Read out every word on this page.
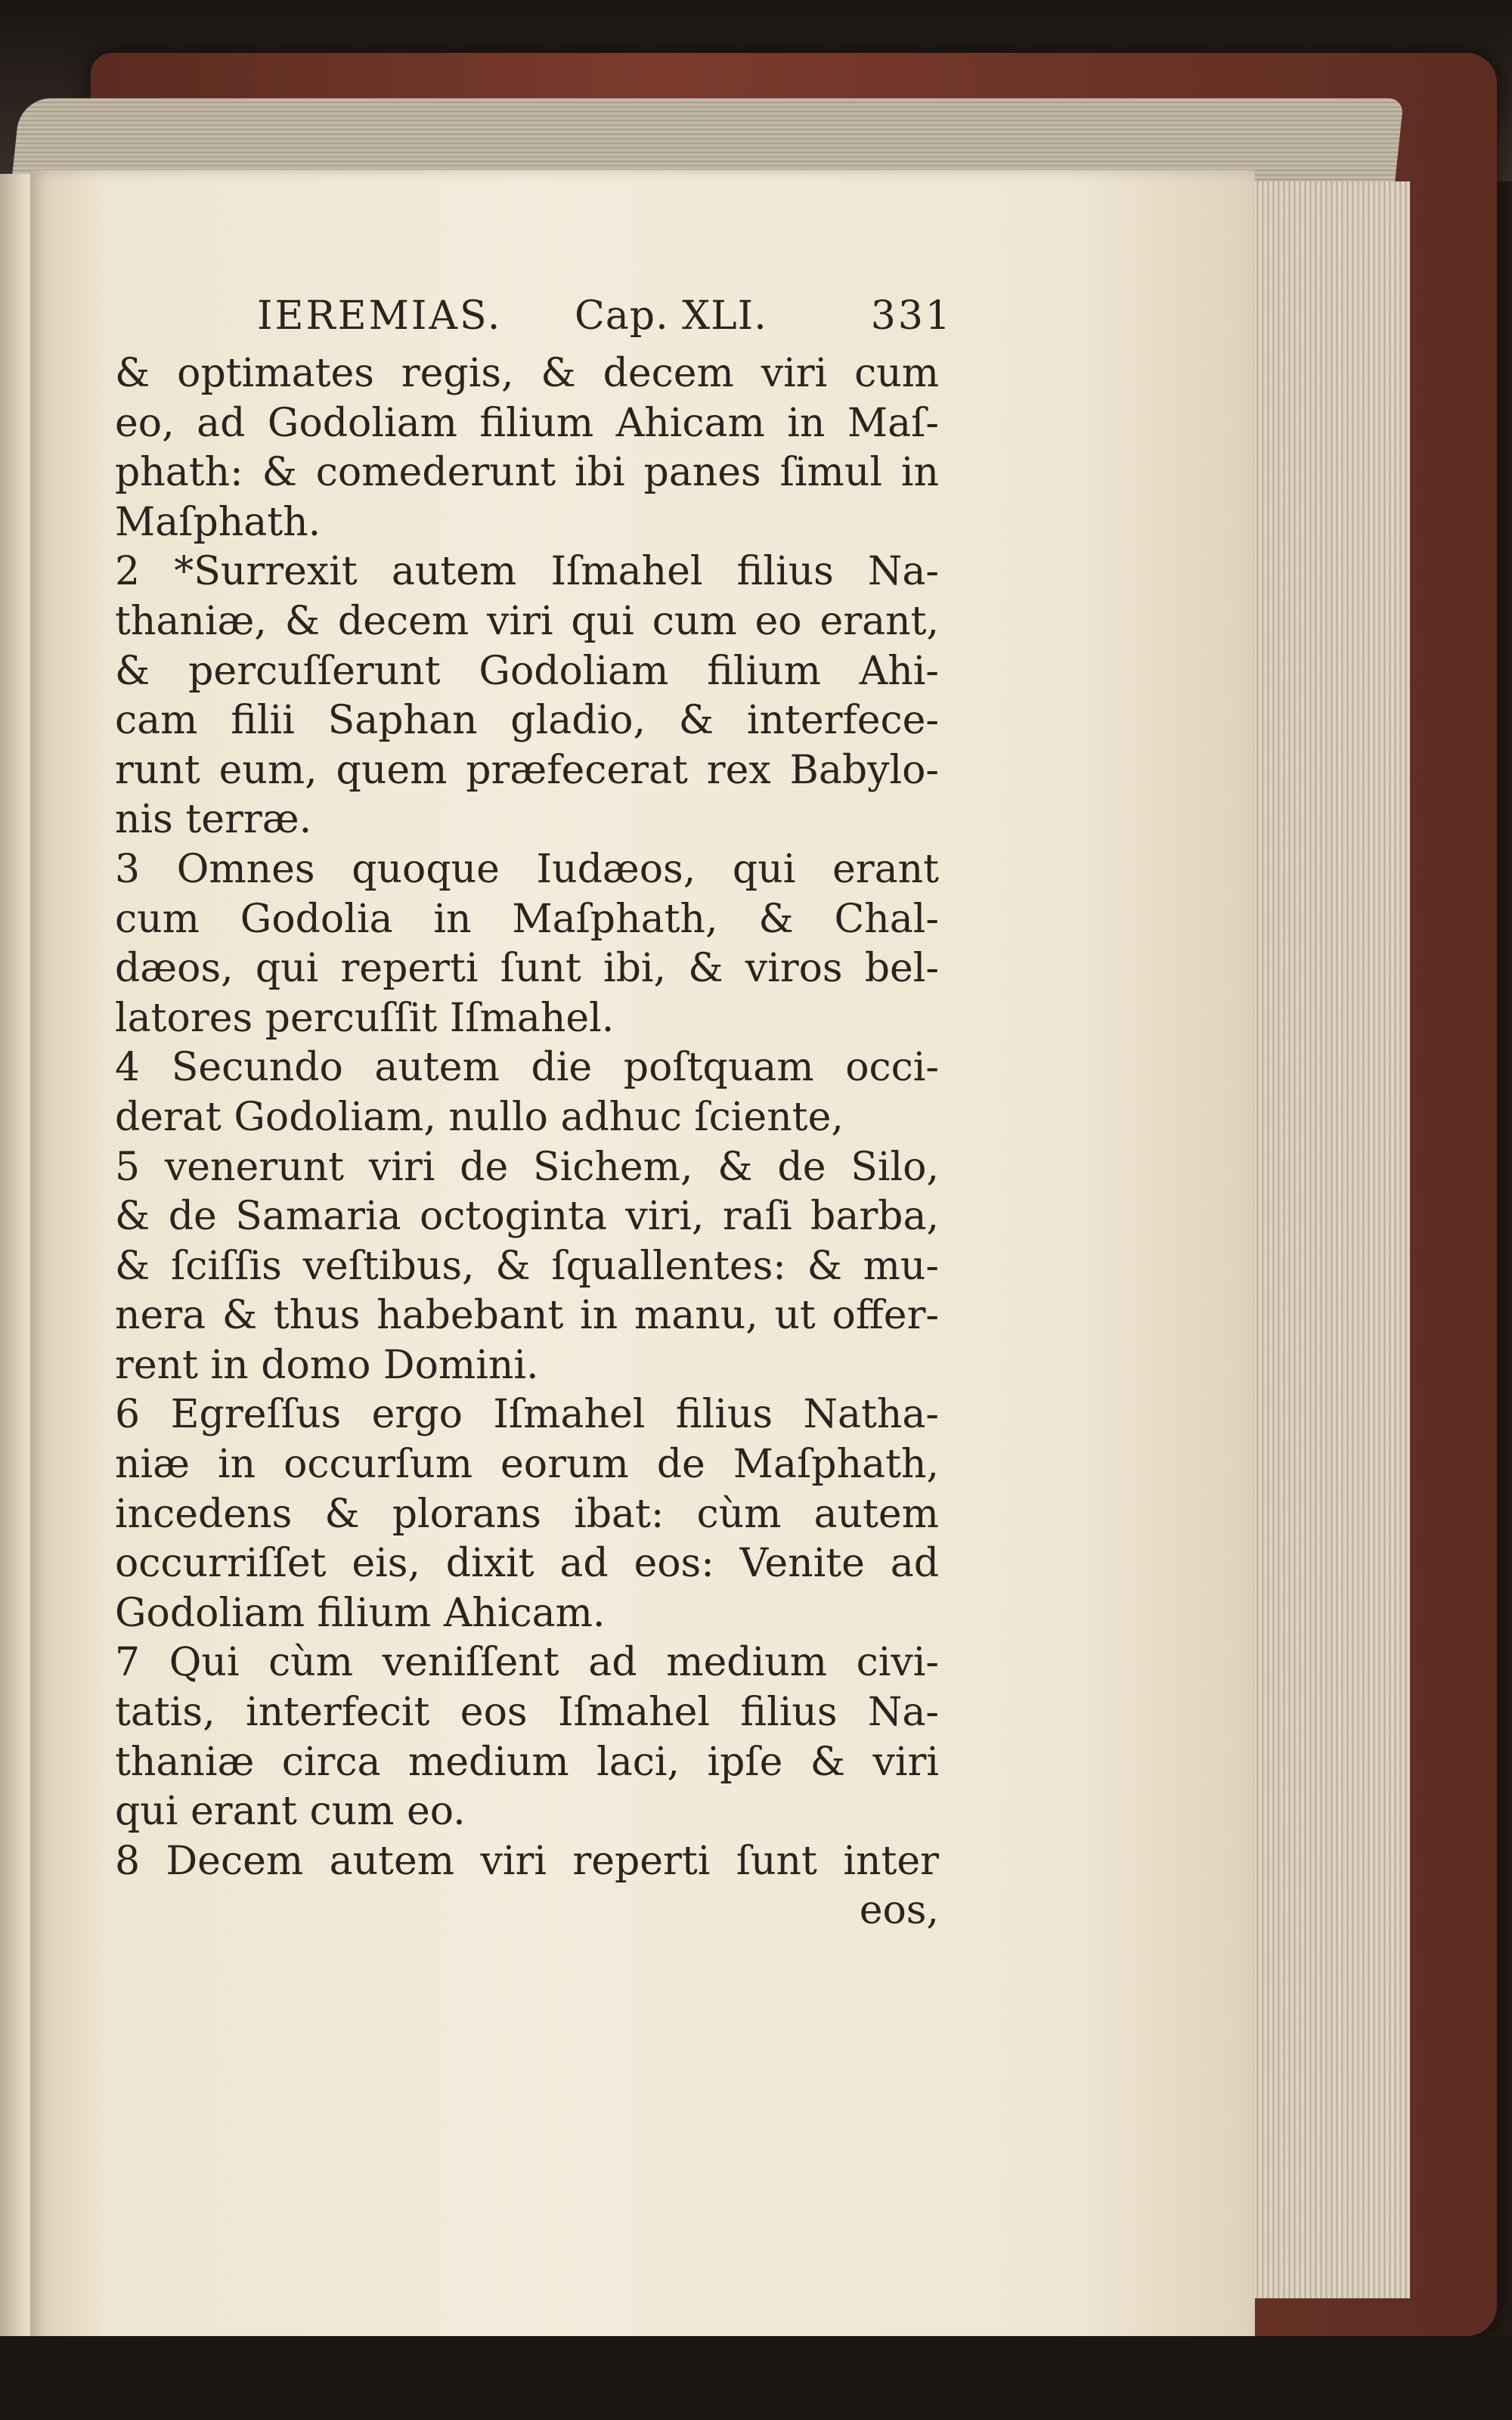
IEREMIAS. Cap. XLI.	331
& optimates regis, & decem viri cum
eo, ad Godoliam filium Ahicam in Maſ-
phath: & comederunt ibi panes ſimul in
Maſphath.
2 *Surrexit autem Iſmahel filius Na-
thaniæ, & decem viri qui cum eo erant,
& percuſſerunt Godoliam filium Ahi-
cam filii Saphan gladio, & interfece-
runt eum, quem præfecerat rex Babylo-
nis terræ.
3 Omnes quoque Iudæos, qui erant
cum Godolia in Maſphath, & Chal-
dæos, qui reperti ſunt ibi, & viros bel-
latores percuſſit Iſmahel.
4 Secundo autem die poſtquam occi-
derat Godoliam, nullo adhuc ſciente,
5 venerunt viri de Sichem, & de Silo,
& de Samaria octoginta viri, raſi barba,
& ſciſſis veſtibus, & ſquallentes: & mu-
nera & thus habebant in manu, ut offer-
rent in domo Domini.
6 Egreſſus ergo Iſmahel filius Natha-
niæ in occurſum eorum de Maſphath,
incedens & plorans ibat: cùm autem
occurriſſet eis, dixit ad eos: Venite ad
Godoliam filium Ahicam.
7 Qui cùm veniſſent ad medium civi-
tatis, interfecit eos Iſmahel filius Na-
thaniæ circa medium laci, ipſe & viri
qui erant cum eo.
8 Decem autem viri reperti ſunt inter
eos,
